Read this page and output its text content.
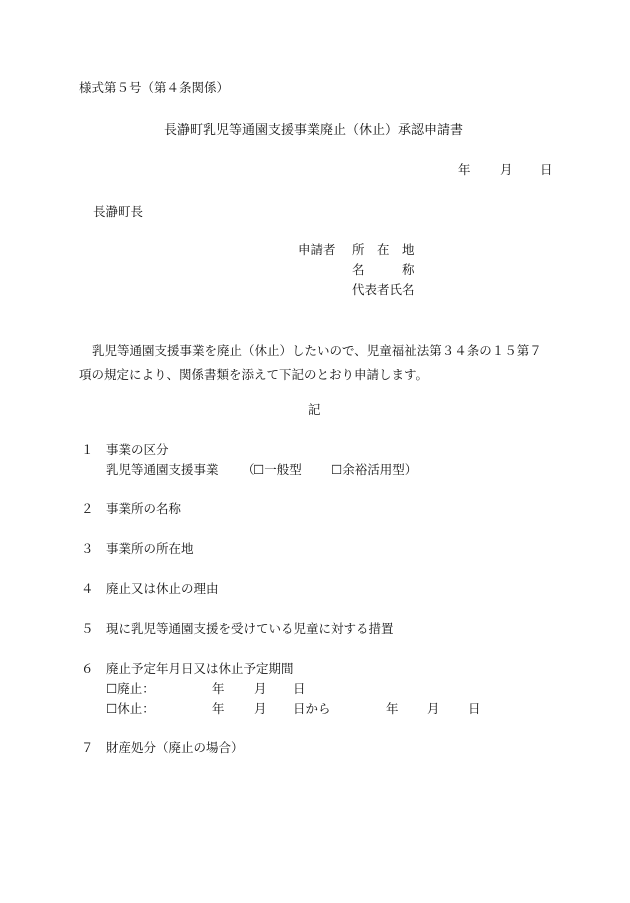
様式第５号（第４条関係）
長瀞町乳児等通園支援事業廃止（休止）承認申請書
年 月 日
長瀞町長
申請者 所　在　地
名　　　称
代表者氏名
乳児等通園支援事業を廃止（休止）したいので、児童福祉法第３４条の１５第７項の規定により、関係書類を添えて下記のとおり申請します。
記
１ 事業の区分
乳児等通園支援事業 （
☐一般型 ☐余裕活用型）
２ 事業所の名称
３ 事業所の所在地
４ 廃止又は休止の理由
５ 現に乳児等通園支援を受けている児童に対する措置
６ 廃止予定年月日又は休止予定期間
☐廃止：	年 月 日
☐休止：	年 月 日から	年 月 日
７ 財産処分（廃止の場合）
